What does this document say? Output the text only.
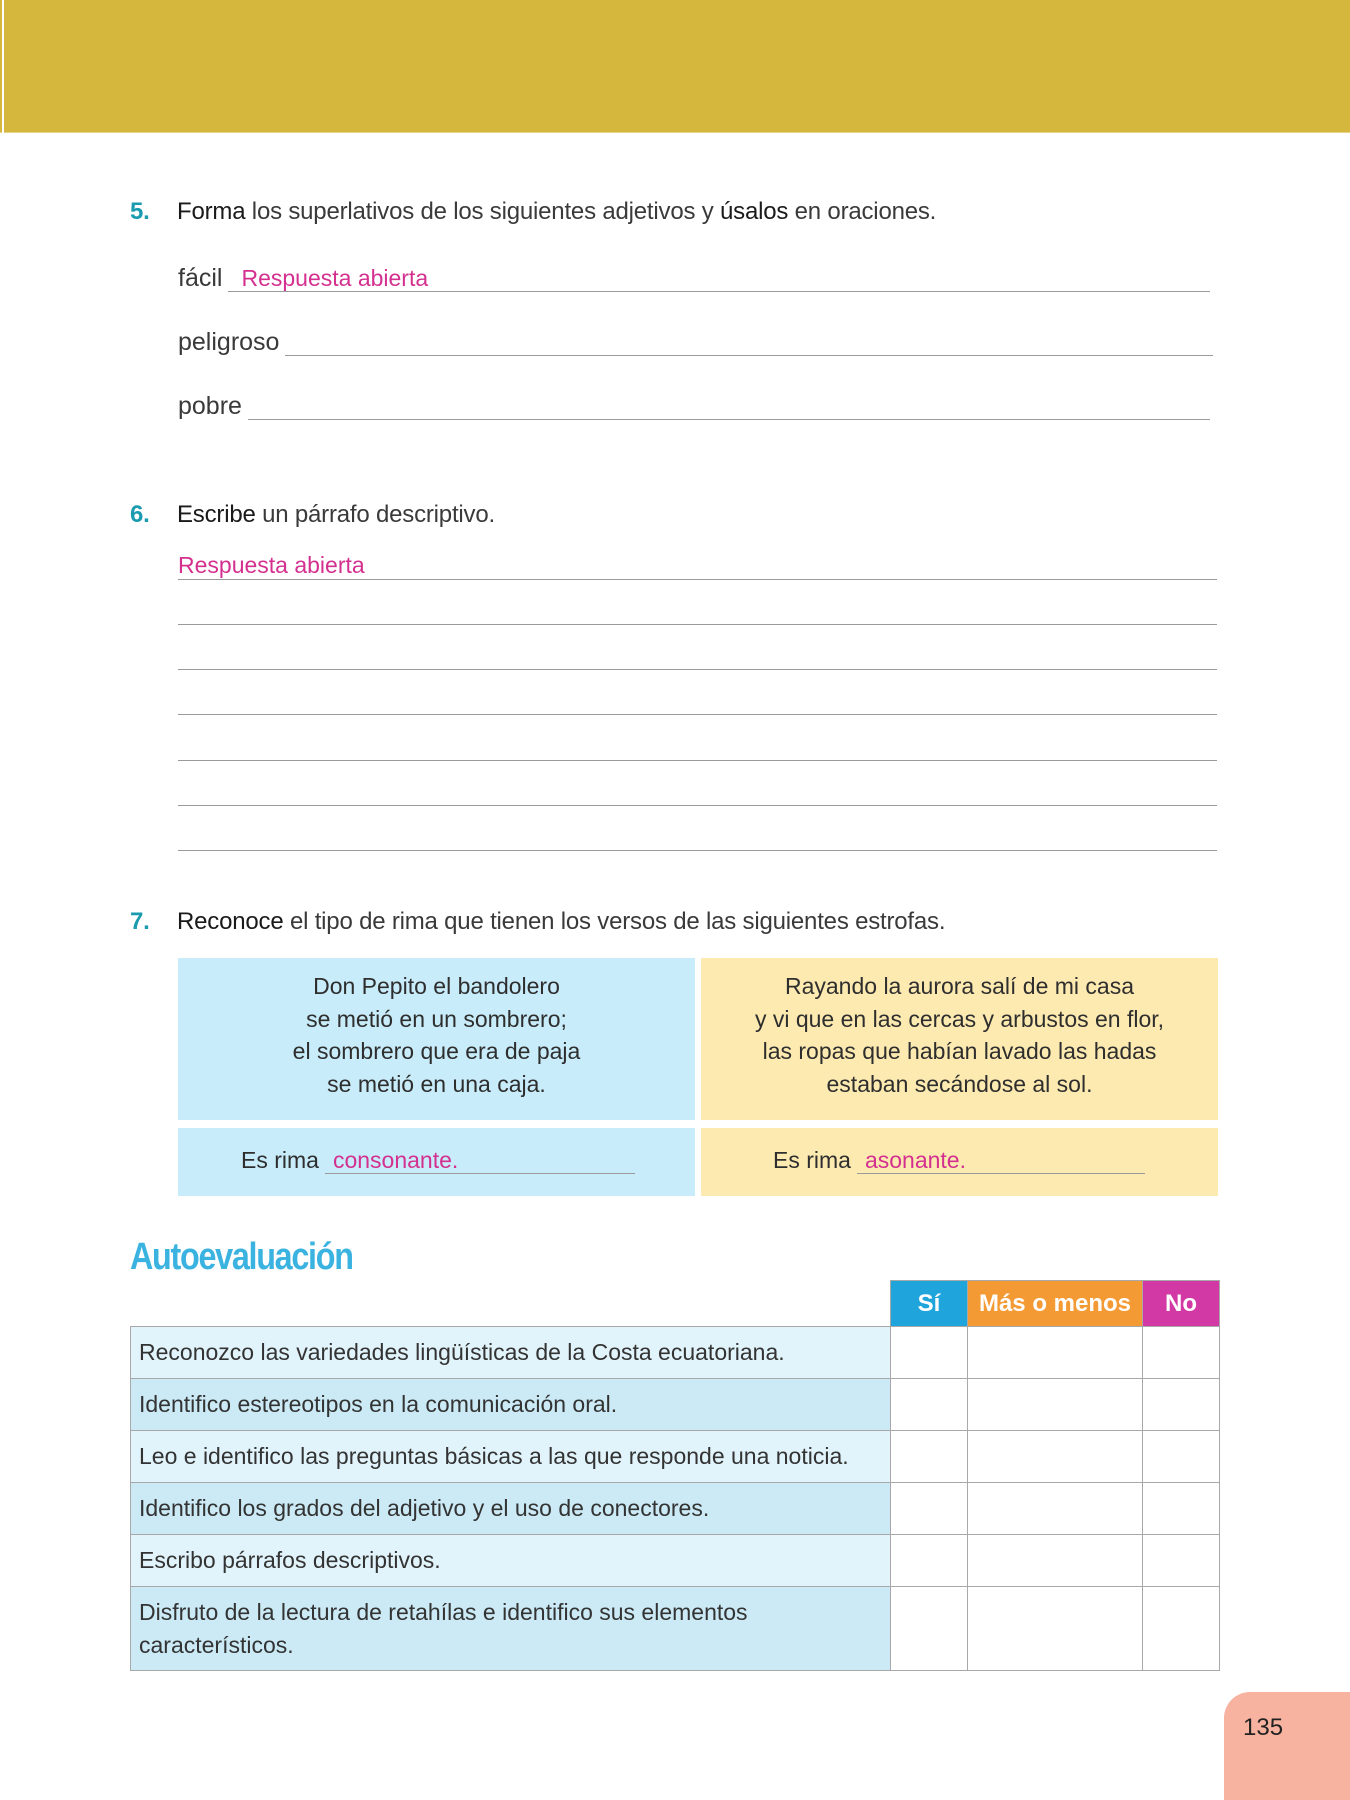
5. Forma los superlativos de los siguientes adjetivos y úsalos en oraciones.
fácil Respuesta abierta
peligroso
pobre
6. Escribe un párrafo descriptivo.
Respuesta abierta
7. Reconoce el tipo de rima que tienen los versos de las siguientes estrofas.
Don Pepito el bandolero
se metió en un sombrero;
el sombrero que era de paja
se metió en una caja.
Rayando la aurora salí de mi casa
y vi que en las cercas y arbustos en flor,
las ropas que habían lavado las hadas
estaban secándose al sol.
Es rima consonante.	Es rima asonante.
Autoevaluación
	Sí	Más o menos	No
Reconozco las variedades lingüísticas de la Costa ecuatoriana.			
Identifico estereotipos en la comunicación oral.			
Leo e identifico las preguntas básicas a las que responde una noticia.			
Identifico los grados del adjetivo y el uso de conectores.			
Escribo párrafos descriptivos.			
Disfruto de la lectura de retahílas e identifico sus elementos característicos.			
135
